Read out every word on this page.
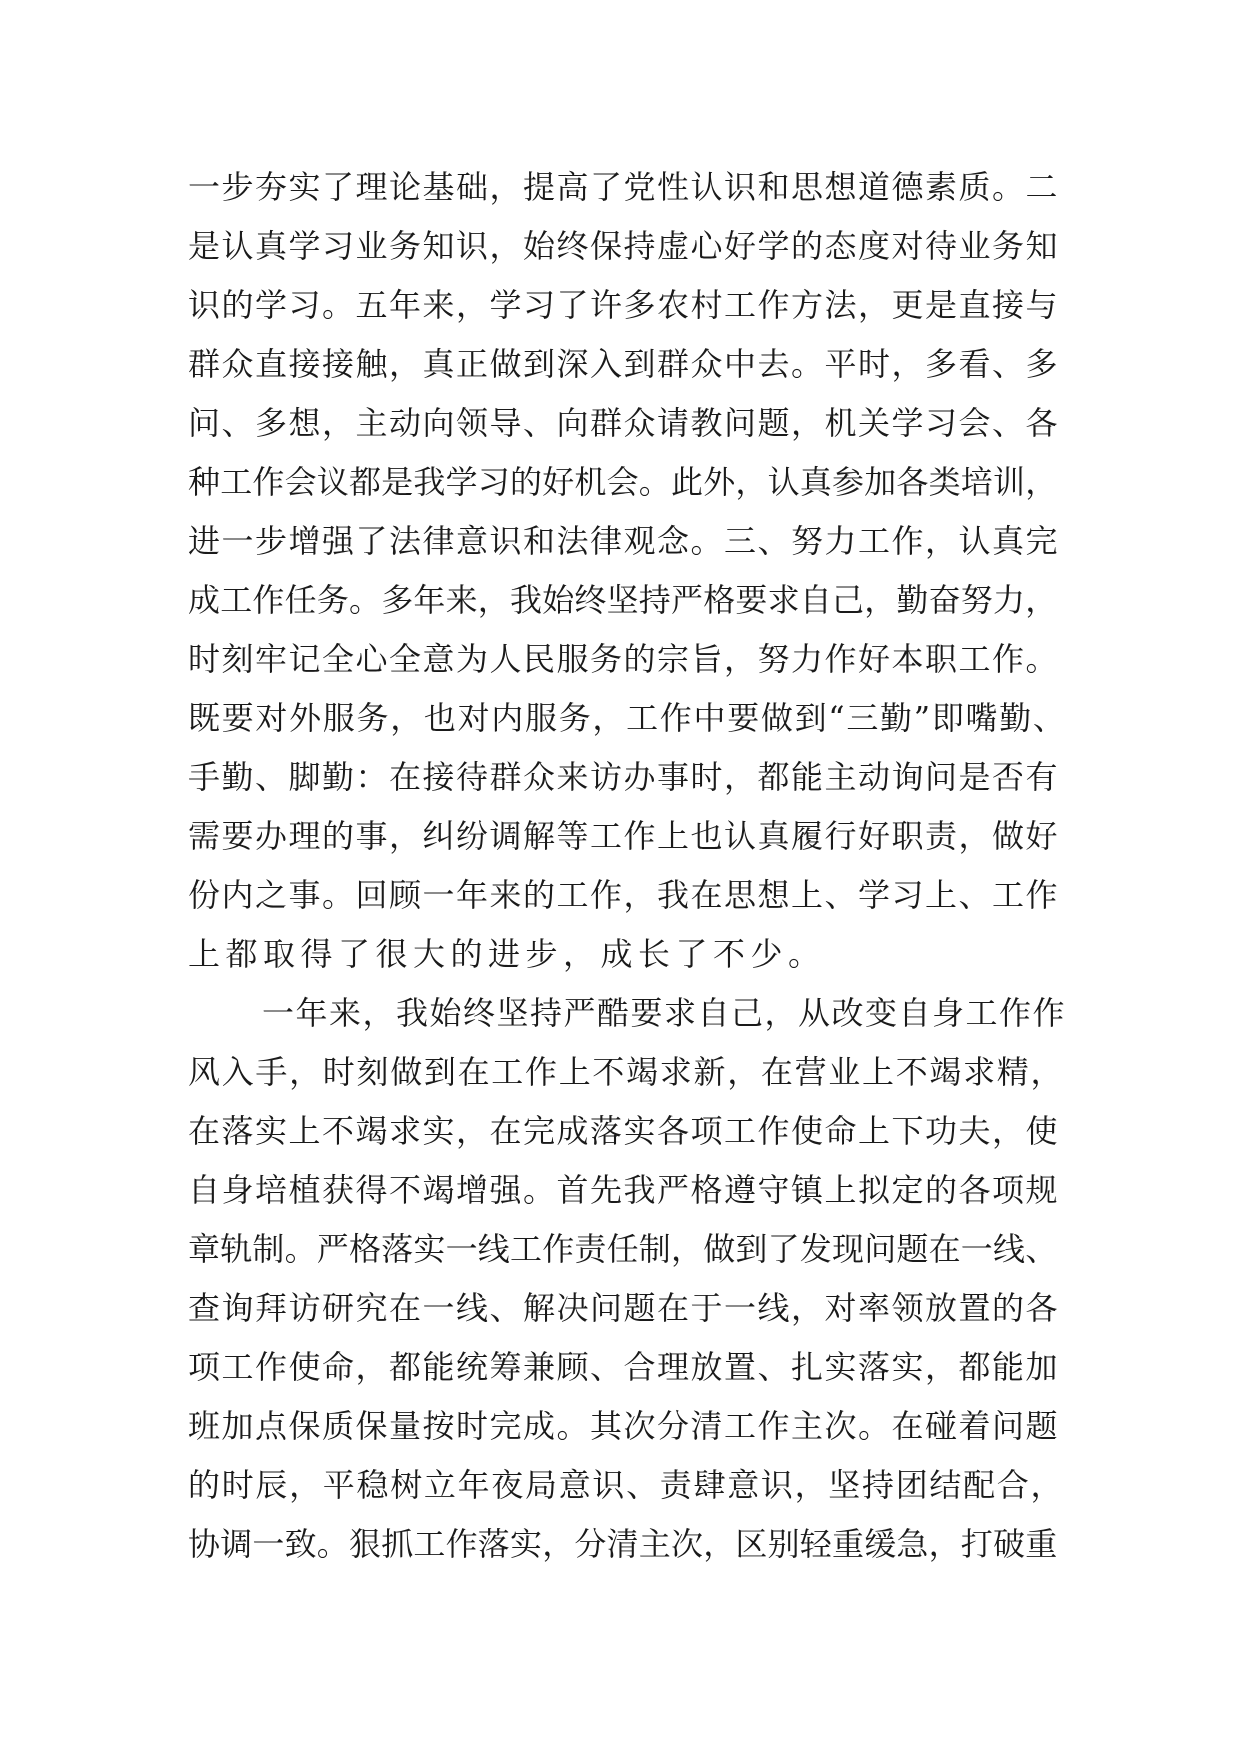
一步夯实了理论基础，提高了党性认识和思想道德素质。二
是认真学习业务知识，始终保持虚心好学的态度对待业务知
识的学习。五年来，学习了许多农村工作方法，更是直接与
群众直接接触，真正做到深入到群众中去。平时，多看、多
问、多想，主动向领导、向群众请教问题，机关学习会、各
种工作会议都是我学习的好机会。此外，认真参加各类培训，
进一步增强了法律意识和法律观念。三、努力工作，认真完
成工作任务。多年来，我始终坚持严格要求自己，勤奋努力，
时刻牢记全心全意为人民服务的宗旨，努力作好本职工作。
既要对外服务，也对内服务，工作中要做到“三勤”即嘴勤、
手勤、脚勤：在接待群众来访办事时，都能主动询问是否有
需要办理的事，纠纷调解等工作上也认真履行好职责，做好
份内之事。回顾一年来的工作，我在思想上、学习上、工作
上都取得了很大的进步，成长了不少。
一年来，我始终坚持严酷要求自己，从改变自身工作作
风入手，时刻做到在工作上不竭求新，在营业上不竭求精，
在落实上不竭求实，在完成落实各项工作使命上下功夫，使
自身培植获得不竭增强。首先我严格遵守镇上拟定的各项规
章轨制。严格落实一线工作责任制，做到了发现问题在一线、
查询拜访研究在一线、解决问题在于一线，对率领放置的各
项工作使命，都能统筹兼顾、合理放置、扎实落实，都能加
班加点保质保量按时完成。其次分清工作主次。在碰着问题
的时辰，平稳树立年夜局意识、责肆意识，坚持团结配合，
协调一致。狠抓工作落实，分清主次，区别轻重缓急，打破重
